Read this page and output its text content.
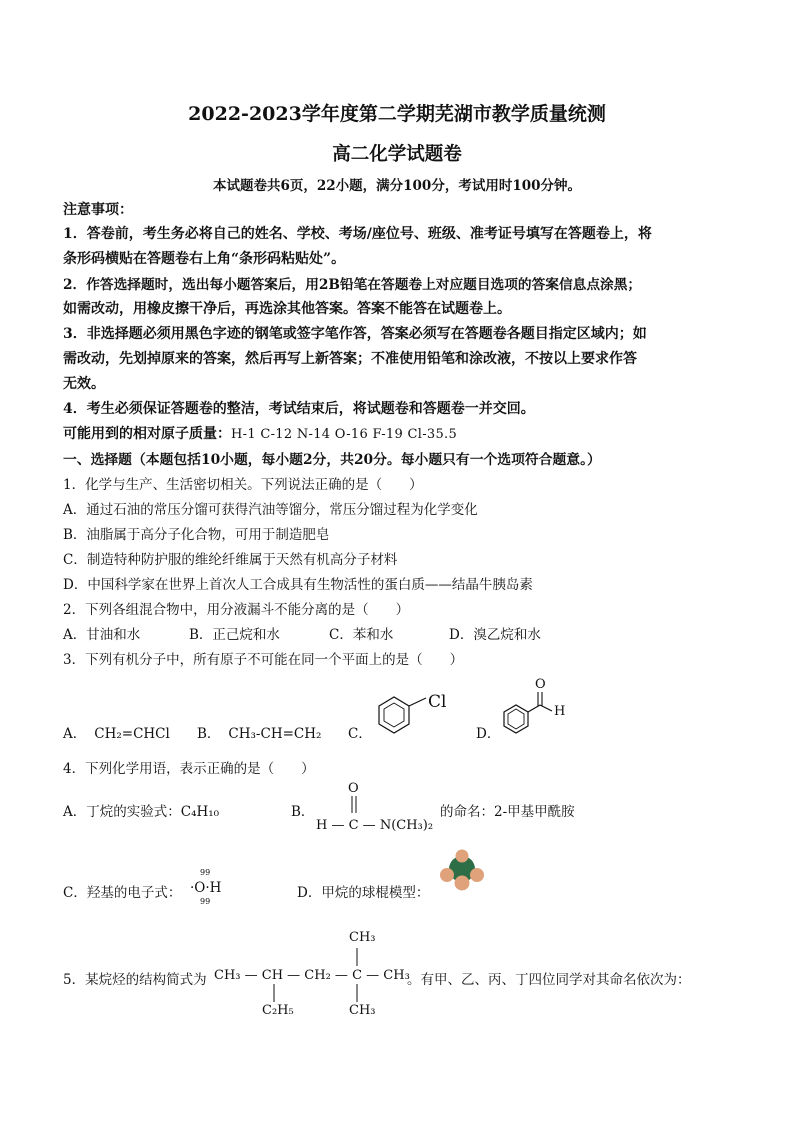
2022-2023学年度第二学期芜湖市教学质量统测
高二化学试题卷
本试题卷共6页，22小题，满分100分，考试用时100分钟。
注意事项：
1．答卷前，考生务必将自己的姓名、学校、考场/座位号、班级、准考证号填写在答题卷上，将
条形码横贴在答题卷右上角“条形码粘贴处”。
2．作答选择题时，选出每小题答案后，用2B铅笔在答题卷上对应题目选项的答案信息点涂黑；
如需改动，用橡皮擦干净后，再选涂其他答案。答案不能答在试题卷上。
3．非选择题必须用黑色字迹的钢笔或签字笔作答，答案必须写在答题卷各题目指定区域内；如
需改动，先划掉原来的答案，然后再写上新答案；不准使用铅笔和涂改液，不按以上要求作答
无效。
4．考生必须保证答题卷的整洁，考试结束后，将试题卷和答题卷一并交回。
可能用到的相对原子质量：H-1 C-12 N-14 O-16 F-19 Cl-35.5
一、选择题（本题包括10小题，每小题2分，共20分。每小题只有一个选项符合题意。）
1．化学与生产、生活密切相关。下列说法正确的是（　　）
A．通过石油的常压分馏可获得汽油等馏分，常压分馏过程为化学变化
B．油脂属于高分子化合物，可用于制造肥皂
C．制造特种防护服的维纶纤维属于天然有机高分子材料
D．中国科学家在世界上首次人工合成具有生物活性的蛋白质——结晶牛胰岛素
2．下列各组混合物中，用分液漏斗不能分离的是（　　）
A．甘油和水	B．正己烷和水	C．苯和水	D．溴乙烷和水
3．下列有机分子中，所有原子不可能在同一个平面上的是（　　）
A． CH₂=CHCl B． CH₃-CH=CH₂ C．
Cl
D．
O
H
4．下列化学用语，表示正确的是（　　）
A．丁烷的实验式：C₄H₁₀	B．
O
H — C — N(CH₃)₂
的命名：2-甲基甲酰胺
C．羟基的电子式：
99
·O·H
99
D．甲烷的球棍模型：
CH₃
5．某烷烃的结构简式为 CH₃ — CH — CH₂ — C — CH₃
。有甲、乙、丙、丁四位同学对其命名依次为：
C₂H₅	CH₃
